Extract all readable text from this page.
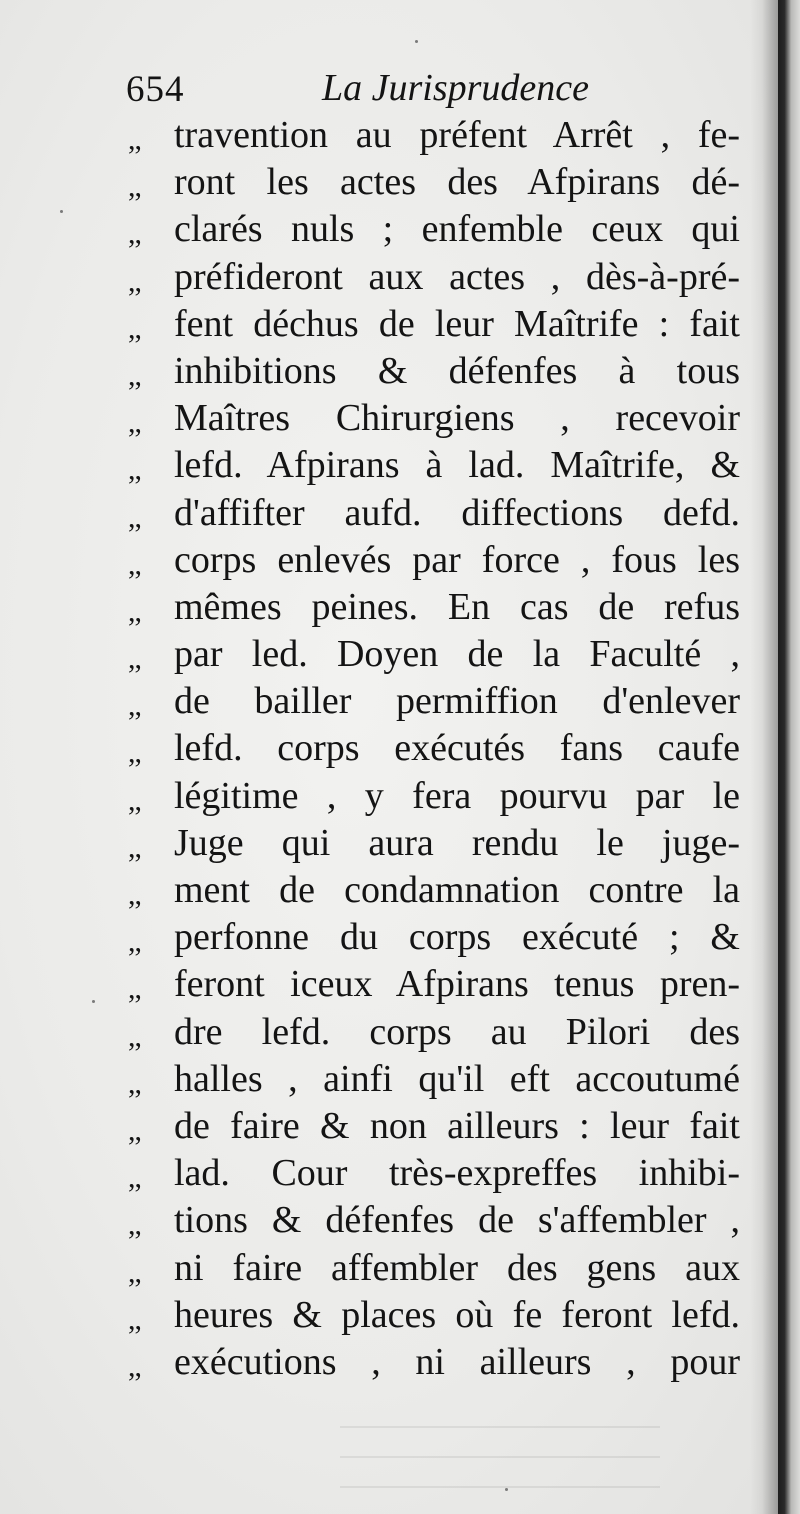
654	La Jurisprudence
,, travention au préfent Arrêt , fe-
,, ront les actes des Afpirans dé-
,, clarés nuls ; enfemble ceux qui
,, préfideront aux actes , dès-à-pré-
,, fent déchus de leur Maîtrife : fait
,, inhibitions & défenfes à tous
,, Maîtres Chirurgiens , recevoir
,, lefd. Afpirans à lad. Maîtrife, &
,, d'affifter aufd. diffections defd.
,, corps enlevés par force , fous les
,, mêmes peines. En cas de refus
,, par led. Doyen de la Faculté ,
,, de bailler permiffion d'enlever
,, lefd. corps exécutés fans caufe
,, légitime , y fera pourvu par le
,, Juge qui aura rendu le juge-
,, ment de condamnation contre la
,, perfonne du corps exécuté ; &
,, feront iceux Afpirans tenus pren-
,, dre lefd. corps au Pilori des
,, halles , ainfi qu'il eft accoutumé
,, de faire & non ailleurs : leur fait
,, lad. Cour très-expreffes inhibi-
,, tions & défenfes de s'affembler ,
,, ni faire affembler des gens aux
,, heures & places où fe feront lefd.
,, exécutions , ni ailleurs , pour
